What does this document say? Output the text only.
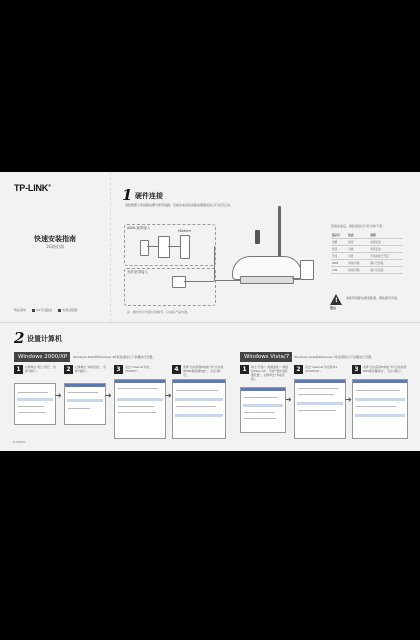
TP-LINK®
快速安装指南
3G路由器
物品清单	3G无线路由	电源适配器
1 硬件连接
请按照图示连接路由器与宽带线路。连接完成后检查路由器面板指示灯是否正常。
ADSL宽带接入
Modem
光纤宽带接入
注：图中所示设备仅供参考，以实际产品为准。
连接完成后，请检查指示灯状态如下表：
!
警告
请使用原配电源适配器，避免损坏设备。
指示灯	状态	说明
电源	常亮	电源正常
系统	闪烁	系统正常
无线	闪烁	无线功能已开启
WAN	常亮/闪烁	端口已连接
LAN	常亮/闪烁	端口已连接
2 设置计算机
Windows 2000/XP	Windows 2000和Windows XP系统请按以下步骤进行设置。
1	右键单击“网上邻居”，选择“属性”。
➜
2	右键单击“本地连接”，选择“属性”。
➜
3	双击“Internet 协议 (TCP/IP)”。
➜
4	选择“自动获得IP地址”和“自动获得DNS服务器地址”，点击“确定”。
Windows Vista/7	Windows Vista和Windows 7系统请按以下步骤进行设置。
1	单击“开始”-“控制面板”-“网络和Internet”，选择“更改适配器设置”，右键单击“本地连接”。
➜
2	双击“Internet 协议版本4 (TCP/IPv4)”。
➜
3	选择“自动获得IP地址”和“自动获得DNS服务器地址”，点击“确定”。
7100500
